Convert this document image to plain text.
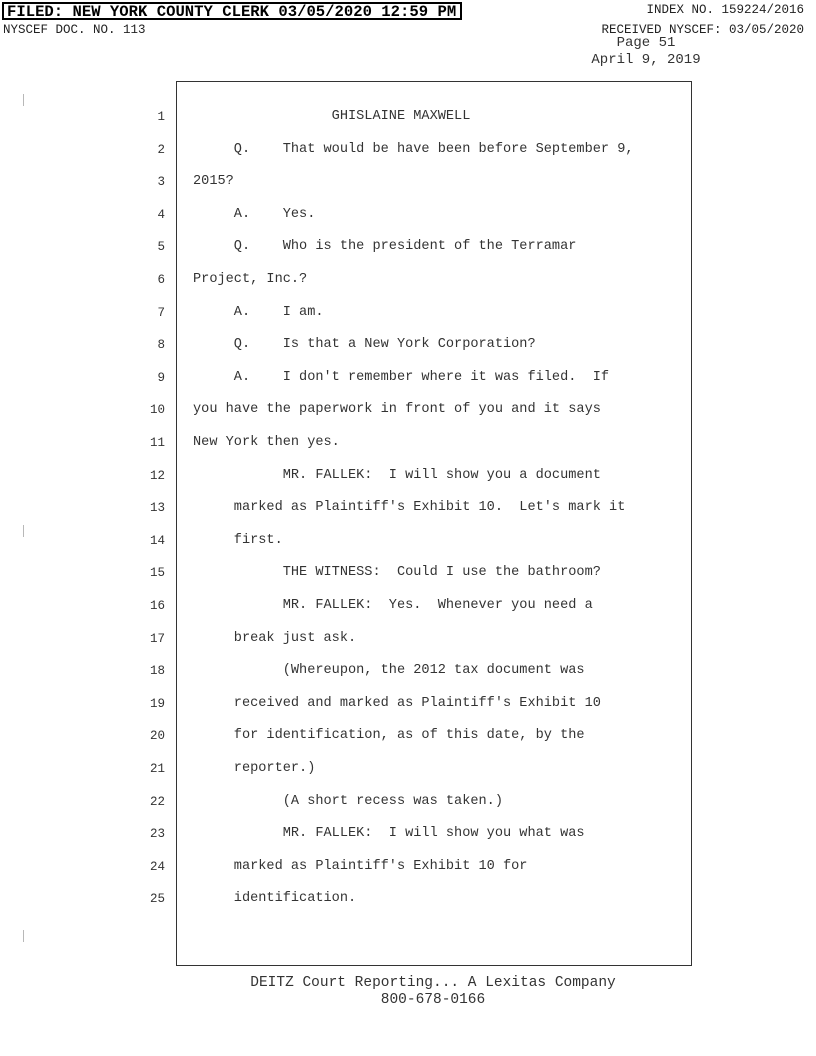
FILED: NEW YORK COUNTY CLERK 03/05/2020 12:59 PM	INDEX NO. 159224/2016
NYSCEF DOC. NO. 113	RECEIVED NYSCEF: 03/05/2020
Page 51
April 9, 2019
1 GHISLAINE MAXWELL
2 Q.    That would be have been before September 9,
3 2015?
4 A.    Yes.
5 Q.    Who is the president of the Terramar
6 Project, Inc.?
7 A.    I am.
8 Q.    Is that a New York Corporation?
9 A.    I don't remember where it was filed.  If
10 you have the paperwork in front of you and it says
11 New York then yes.
12 MR. FALLEK:  I will show you a document
13 marked as Plaintiff's Exhibit 10.  Let's mark it
14 first.
15 THE WITNESS:  Could I use the bathroom?
16 MR. FALLEK:  Yes.  Whenever you need a
17 break just ask.
18 (Whereupon, the 2012 tax document was
19 received and marked as Plaintiff's Exhibit 10
20 for identification, as of this date, by the
21 reporter.)
22 (A short recess was taken.)
23 MR. FALLEK:  I will show you what was
24 marked as Plaintiff's Exhibit 10 for
25 identification.
DEITZ Court Reporting... A Lexitas Company
800-678-0166
